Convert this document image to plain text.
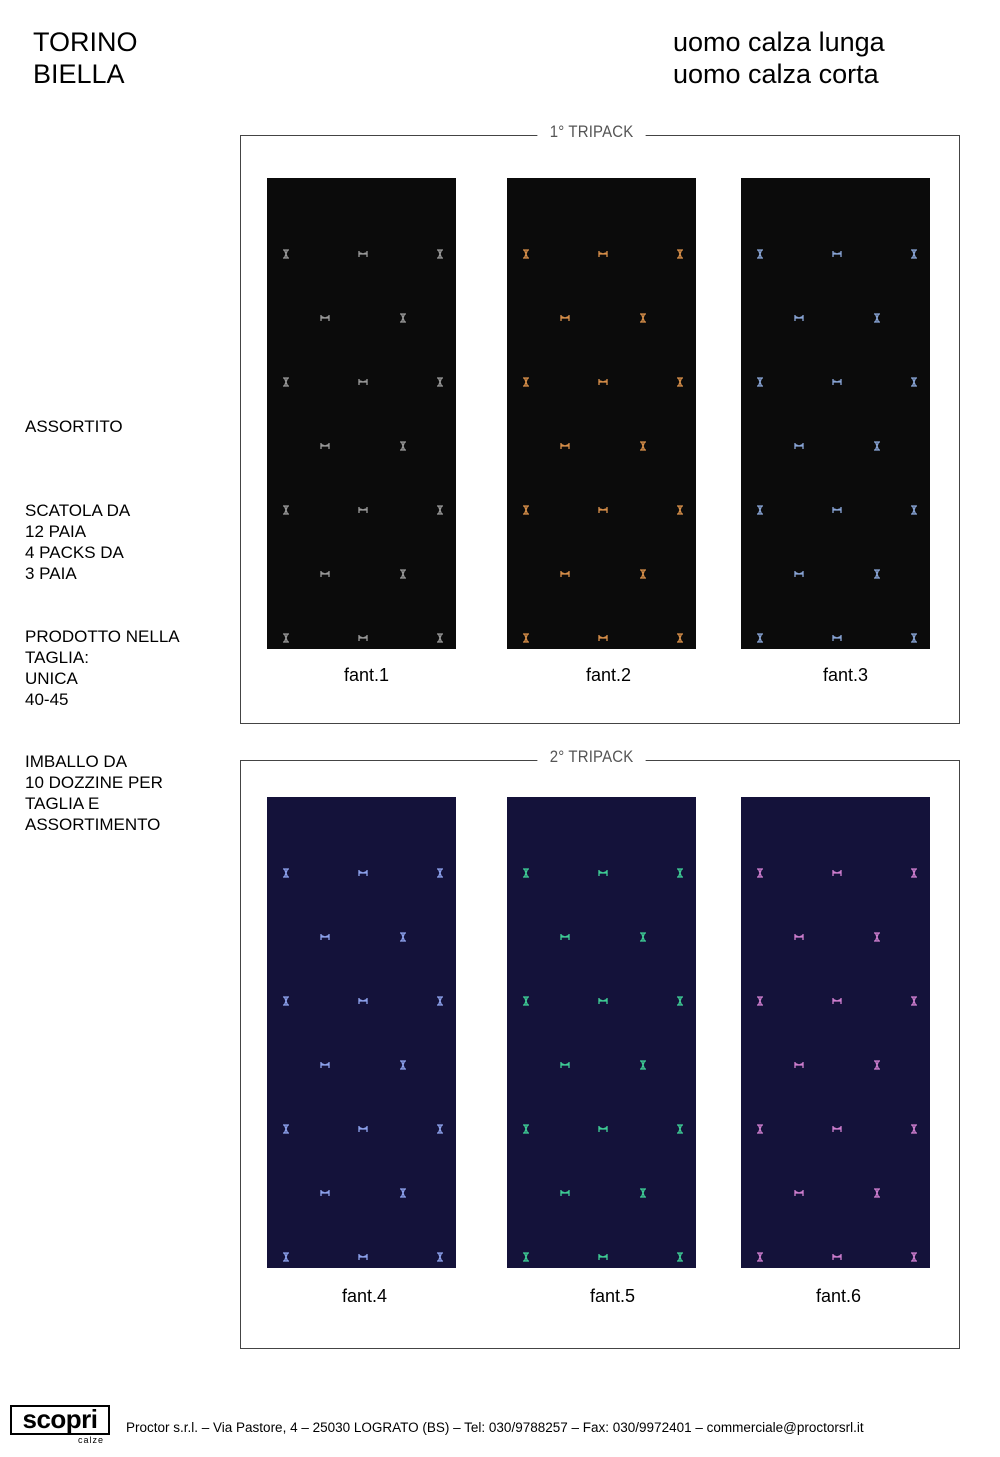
TORINO
BIELLA
uomo calza lunga
uomo calza corta
ASSORTITO
SCATOLA DA
12 PAIA
4 PACKS DA
3 PAIA
PRODOTTO NELLA
TAGLIA:
UNICA
40-45
IMBALLO DA
10 DOZZINE PER
TAGLIA E
ASSORTIMENTO
1° TRIPACK
fant.1	fant.2	fant.3
2° TRIPACK
fant.4	fant.5	fant.6
scopri
calze
Proctor s.r.l. – Via Pastore, 4 – 25030 LOGRATO (BS) – Tel: 030/9788257 – Fax: 030/9972401 – commerciale@proctorsrl.it
